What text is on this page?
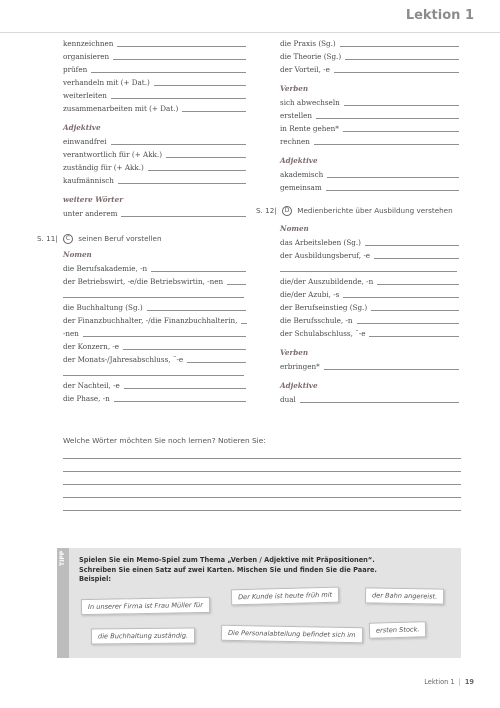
Lektion 1
kennzeichnen
organisieren
prüfen
verhandeln mit (+ Dat.)
weiterleiten
zusammenarbeiten mit (+ Dat.)
Adjektive
einwandfrei
verantwortlich für (+ Akk.)
zuständig für (+ Akk.)
kaufmännisch
weitere Wörter
unter anderem
S. 11| C seinen Beruf vorstellen
Nomen
die Berufsakademie, -n
der Betriebswirt, -e/die Betriebswirtin, -nen
die Buchhaltung (Sg.)
der Finanzbuchhalter, -/die Finanzbuchhalterin,
-nen
der Konzern, -e
der Monats-/Jahresabschluss, ¨-e
der Nachteil, -e
die Phase, -n
die Praxis (Sg.)
die Theorie (Sg.)
der Vorteil, -e
Verben
sich abwechseln
erstellen
in Rente gehen*
rechnen
Adjektive
akademisch
gemeinsam
S. 12| D Medienberichte über Ausbildung verstehen
Nomen
das Arbeitsleben (Sg.)
der Ausbildungsberuf, -e
die/der Auszubildende, -n
die/der Azubi, -s
der Berufseinstieg (Sg.)
die Berufsschule, -n
der Schulabschluss, ¨-e
Verben
erbringen*
Adjektive
dual
Welche Wörter möchten Sie noch lernen? Notieren Sie:
TIPP Spielen Sie ein Memo-Spiel zum Thema „Verben / Adjektive mit Präpositionen“.
Schreiben Sie einen Satz auf zwei Karten. Mischen Sie und finden Sie die Paare.
Beispiel:
In unserer Firma ist Frau Müller für
Der Kunde ist heute früh mit	der Bahn angereist.
die Buchhaltung zuständig.	Die Personalabteilung befindet sich im	ersten Stock.
Lektion 1 | 19
